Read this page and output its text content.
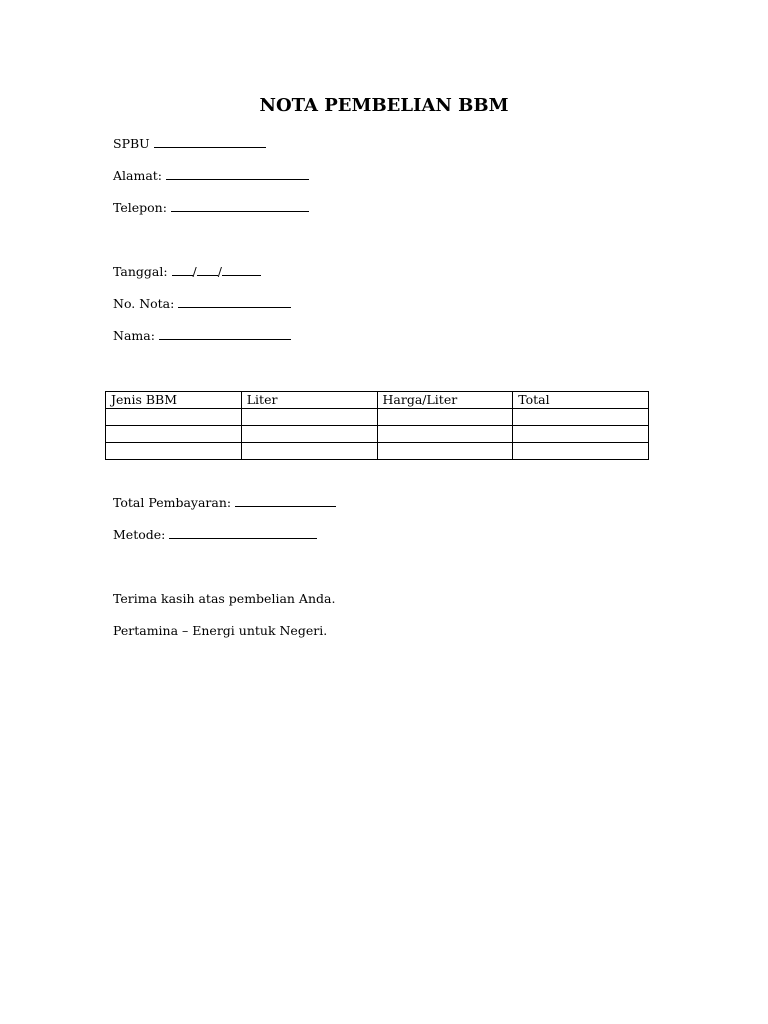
NOTA PEMBELIAN BBM
SPBU
Alamat:
Telepon:
Tanggal: / /
No. Nota:
Nama:
Jenis BBM	Liter	Harga/Liter	Total

Total Pembayaran:
Metode:
Terima kasih atas pembelian Anda.
Pertamina – Energi untuk Negeri.
